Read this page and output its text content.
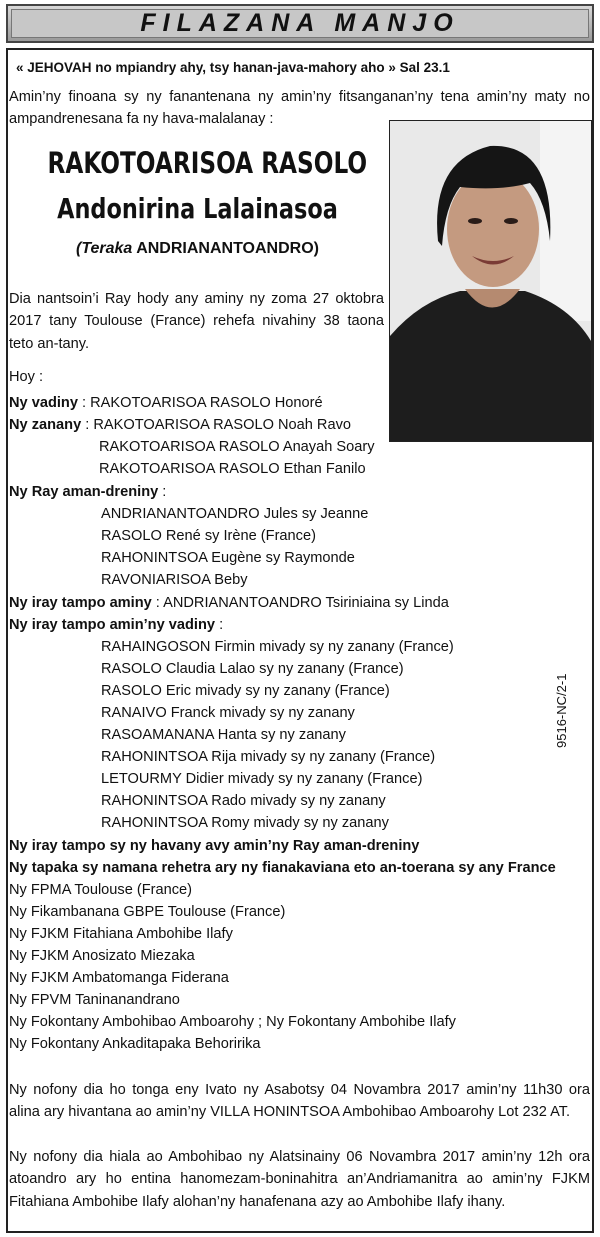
FILAZANA MANJO
« JEHOVAH no mpiandry ahy, tsy hanan-java-mahory aho » Sal 23.1
Amin’ny finoana sy ny fanantenana ny amin’ny fitsanganan’ny tena amin’ny maty no ampandrenesana fa ny hava-malalanay :
RAKOTOARISOA RASOLO
Andonirina Lalainasoa
(Teraka ANDRIANANTOANDRO)
Dia nantsoin’i Ray hody any aminy ny zoma 27 oktobra 2017 tany Toulouse (France) rehefa nivahiny 38 taona teto an-tany.
Hoy :
Ny vadiny : RAKOTOARISOA RASOLO Honoré
Ny zanany : RAKOTOARISOA RASOLO Noah Ravo
RAKOTOARISOA RASOLO Anayah Soary
RAKOTOARISOA RASOLO Ethan Fanilo
Ny Ray aman-dreniny :
ANDRIANANTOANDRO Jules sy Jeanne
RASOLO René sy Irène (France)
RAHONINTSOA Eugène sy Raymonde
RAVONIARISOA Beby
Ny iray tampo aminy : ANDRIANANTOANDRO Tsiriniaina sy Linda
Ny iray tampo amin’ny vadiny :
RAHAINGOSON Firmin mivady sy ny zanany (France)
RASOLO Claudia Lalao sy ny zanany (France)
RASOLO Eric mivady sy ny zanany (France)
RANAIVO Franck mivady sy ny zanany
RASOAMANANA Hanta sy ny zanany
RAHONINTSOA Rija mivady sy ny zanany (France)
LETOURMY Didier mivady sy ny zanany (France)
RAHONINTSOA Rado mivady sy ny zanany
RAHONINTSOA Romy mivady sy ny zanany
9516-NC/2-1
Ny iray tampo sy ny havany avy amin’ny Ray aman-dreniny
Ny tapaka sy namana rehetra ary ny fianakaviana eto an-toerana sy any France
Ny FPMA Toulouse (France)
Ny Fikambanana GBPE Toulouse (France)
Ny FJKM Fitahiana Ambohibe Ilafy
Ny FJKM Anosizato Miezaka
Ny FJKM Ambatomanga Fiderana
Ny FPVM Taninanandrano
Ny Fokontany Ambohibao Amboarohy ; Ny Fokontany Ambohibe Ilafy
Ny Fokontany Ankaditapaka Behoririka
Ny nofony dia ho tonga eny Ivato ny Asabotsy 04 Novambra 2017 amin’ny 11h30 ora alina ary hivantana ao amin’ny VILLA HONINTSOA Ambohibao Amboarohy Lot 232 AT.
Ny nofony dia hiala ao Ambohibao ny Alatsinainy 06 Novambra 2017 amin’ny 12h ora atoandro ary ho entina hanomezam-boninahitra an’Andriamanitra ao amin’ny FJKM Fitahiana Ambohibe Ilafy alohan’ny hanafenana azy ao Ambohibe Ilafy ihany.
